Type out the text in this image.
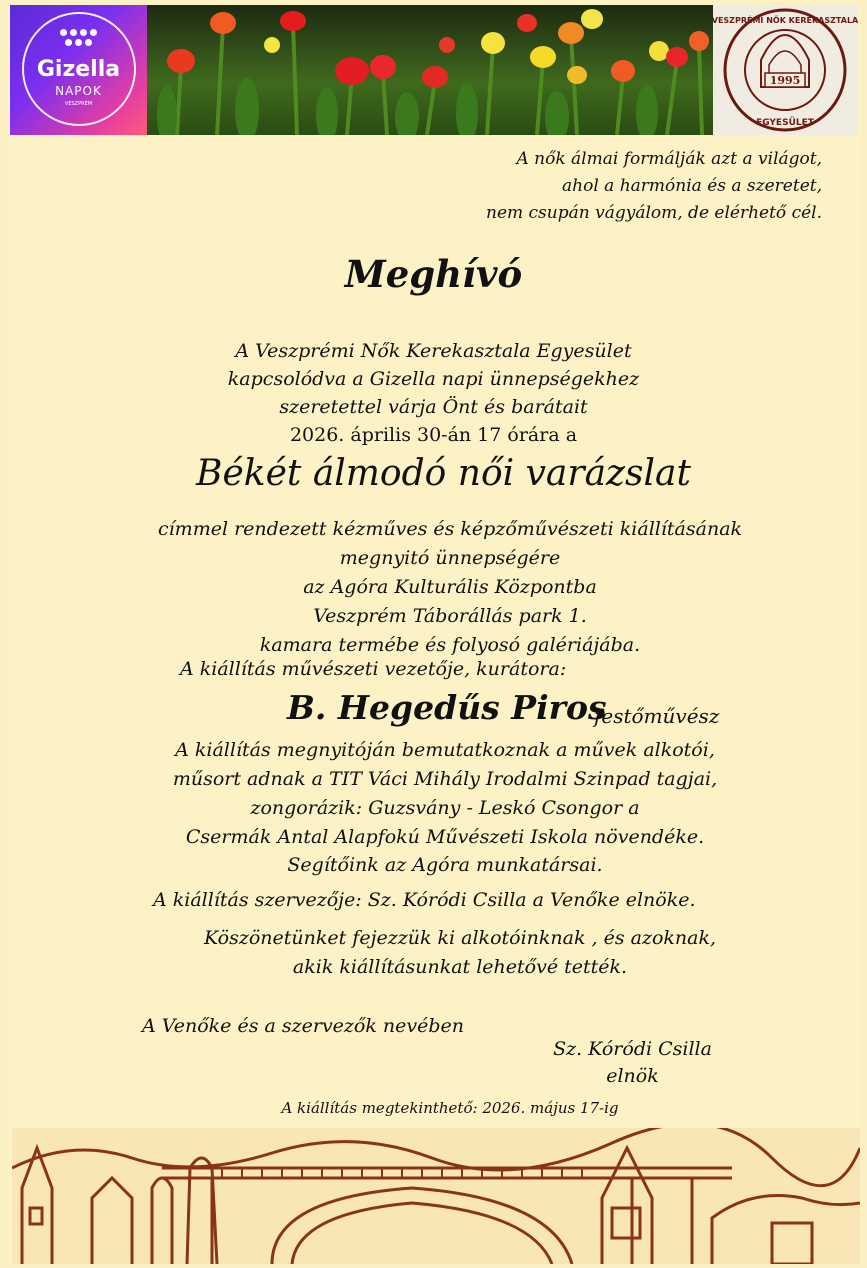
Gizella
NAPOK
VESZPRÉM
1995
VESZPRÉMI NŐK KEREKASZTALA
EGYESÜLET
A nők álmai formálják azt a világot,
ahol a harmónia és a szeretet,
nem csupán vágyálom, de elérhető cél.
Meghívó
A Veszprémi Nők Kerekasztala Egyesület
kapcsolódva a Gizella napi ünnepségekhez
szeretettel várja Önt és barátait
2026. április 30-án 17 órára a
Békét álmodó női varázslat
címmel rendezett kézműves és képzőművészeti kiállításának
megnyitó ünnepségére
az Agóra Kulturális Központba
Veszprém Táborállás park 1.
kamara termébe és folyosó galériájába.
A kiállítás művészeti vezetője, kurátora:
B. Hegedűs Piros
festőművész
A kiállítás megnyitóján bemutatkoznak a művek alkotói,
műsort adnak a TIT Váci Mihály Irodalmi Szinpad tagjai,
zongorázik: Guzsvány - Leskó Csongor a
Csermák Antal Alapfokú Művészeti Iskola növendéke.
Segítőink az Agóra munkatársai.
A kiállítás szervezője: Sz. Kóródi Csilla a Venőke elnöke.
Köszönetünket fejezzük ki alkotóinknak , és azoknak,
akik kiállításunkat lehetővé tették.
A Venőke és a szervezők nevében
Sz. Kóródi Csilla
elnök
A kiállítás megtekinthető: 2026. május 17-ig
